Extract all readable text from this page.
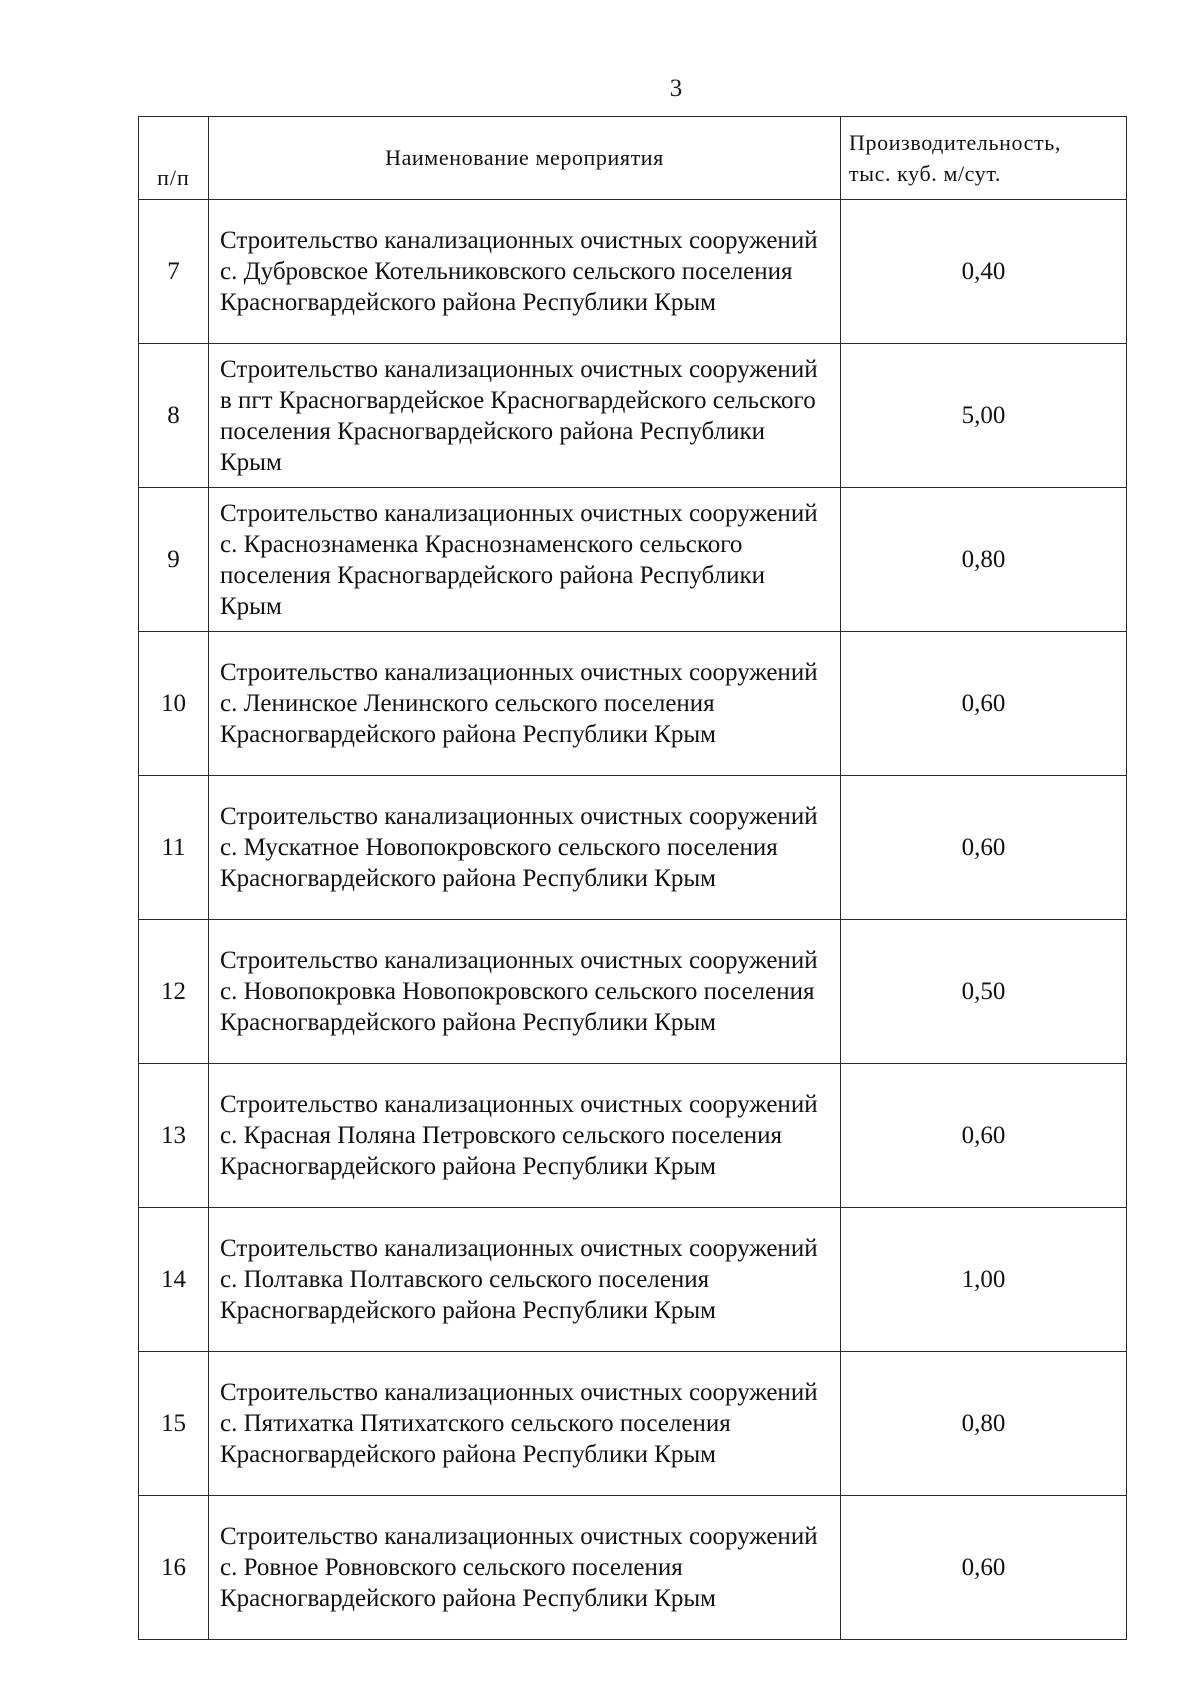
3
п/п	Наименование мероприятия	Производительность,
тыс. куб. м/сут.
7	Строительство канализационных очистных сооружений с. Дубровское Котельниковского сельского поселения Красногвардейского района Республики Крым	0,40
8	Строительство канализационных очистных сооружений в пгт Красногвардейское Красногвардейского сельского поселения Красногвардейского района Республики Крым	5,00
9	Строительство канализационных очистных сооружений с. Краснознаменка Краснознаменского сельского поселения Красногвардейского района Республики Крым	0,80
10	Строительство канализационных очистных сооружений с. Ленинское Ленинского сельского поселения Красногвардейского района Республики Крым	0,60
11	Строительство канализационных очистных сооружений с. Мускатное Новопокровского сельского поселения Красногвардейского района Республики Крым	0,60
12	Строительство канализационных очистных сооружений с. Новопокровка Новопокровского сельского поселения Красногвардейского района Республики Крым	0,50
13	Строительство канализационных очистных сооружений с. Красная Поляна Петровского сельского поселения Красногвардейского района Республики Крым	0,60
14	Строительство канализационных очистных сооружений с. Полтавка Полтавского сельского поселения Красногвардейского района Республики Крым	1,00
15	Строительство канализационных очистных сооружений с. Пятихатка Пятихатского сельского поселения Красногвардейского района Республики Крым	0,80
16	Строительство канализационных очистных сооружений с. Ровное Ровновского сельского поселения Красногвардейского района Республики Крым	0,60
